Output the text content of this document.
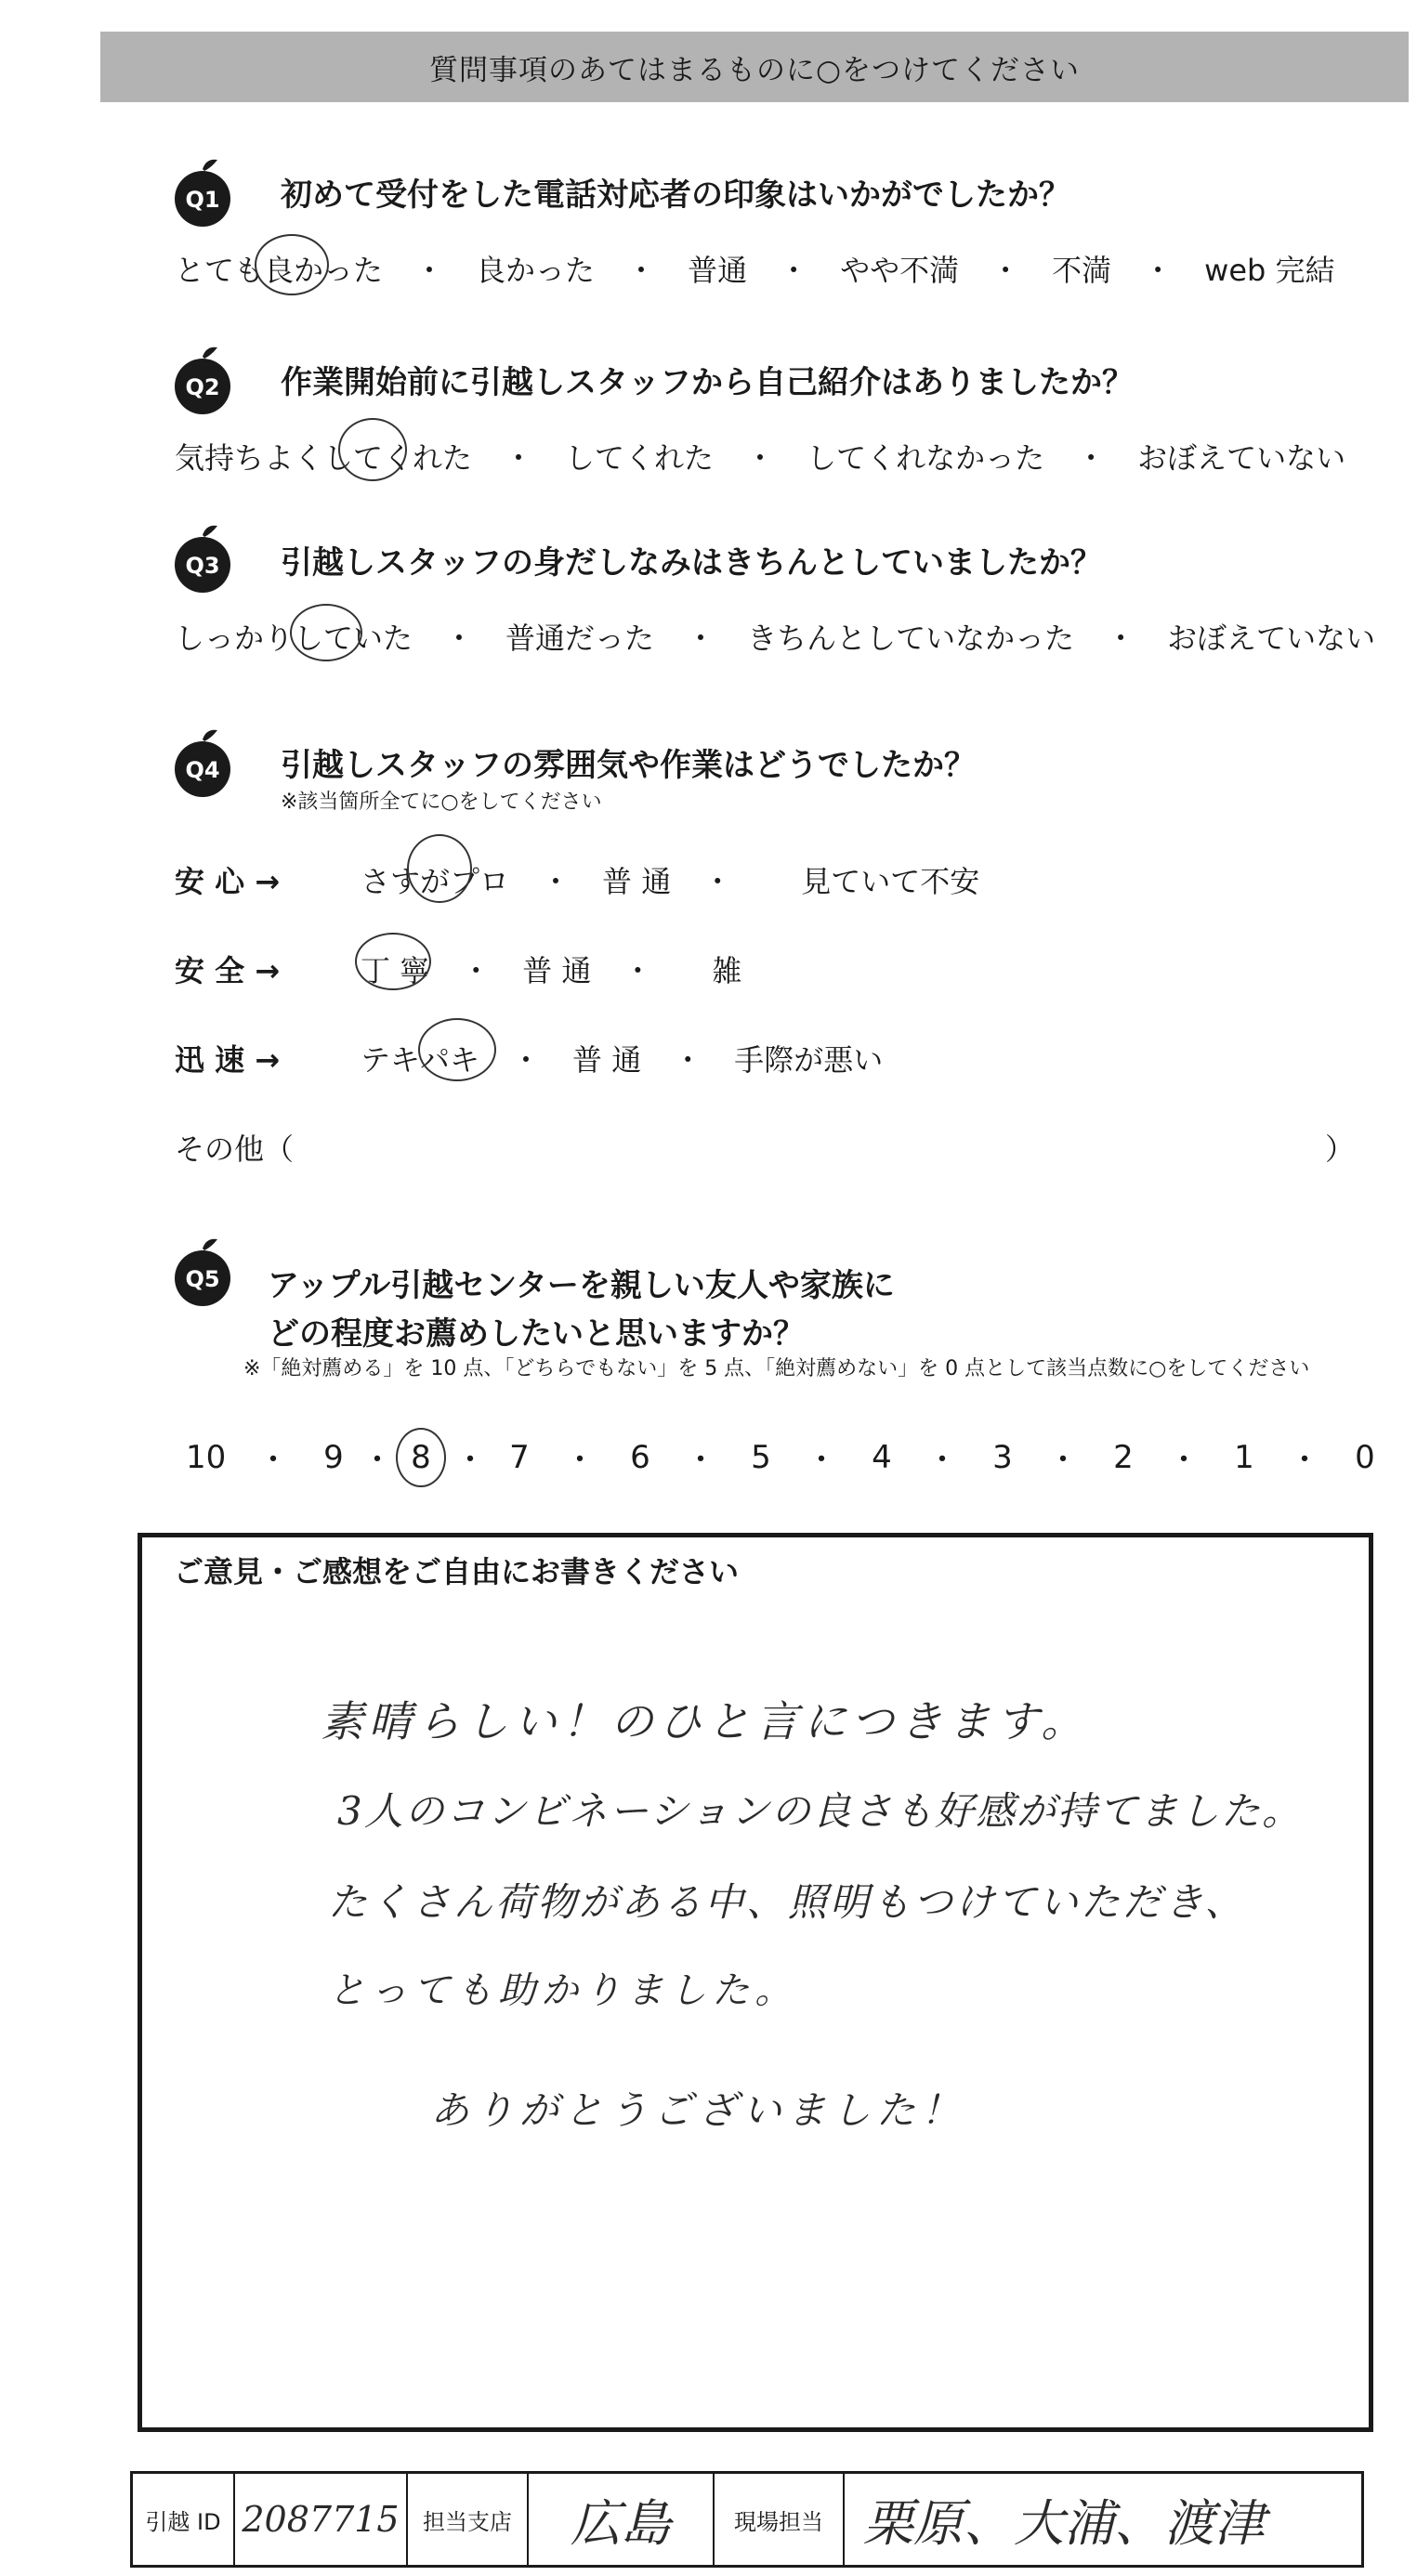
質問事項のあてはまるものに○をつけてください
Q1 初めて受付をした電話対応者の印象はいかがでしたか？
とても良かった ・ 良かった ・ 普通 ・ やや不満 ・ 不満 ・ web 完結
Q2 作業開始前に引越しスタッフから自己紹介はありましたか？
気持ちよくしてくれた ・ してくれた ・ してくれなかった ・ おぼえていない
Q3 引越しスタッフの身だしなみはきちんとしていましたか？
しっかりしていた ・ 普通だった ・ きちんとしていなかった ・ おぼえていない
Q4 引越しスタッフの雰囲気や作業はどうでしたか？
※該当箇所全てに○をしてください
安 心 →	さすがプロ ・ 普 通 ・ 見ていて不安
安 全 →	丁 寧 ・ 普 通 ・ 雑
迅 速 →	テキパキ ・ 普 通 ・ 手際が悪い
その他（	）
Q5 アップル引越センターを親しい友人や家族に
どの程度お薦めしたいと思いますか？
※「絶対薦める」を 10 点、「どちらでもない」を 5 点、「絶対薦めない」を 0 点として該当点数に○をしてください
10 ・	9 ・ 8 ・ 7	・	6	・	5	・	4	・	3	・	2	・	1	・	0
ご意見・ご感想をご自由にお書きください
素晴らしい！のひと言につきます。
3人のコンビネーションの良さも好感が持てました。
たくさん荷物がある中、照明もつけていただき、
とっても助かりました。
ありがとうございました！
引越 ID 2087715 担当支店 広島	現場担当 栗原、大浦、渡津
